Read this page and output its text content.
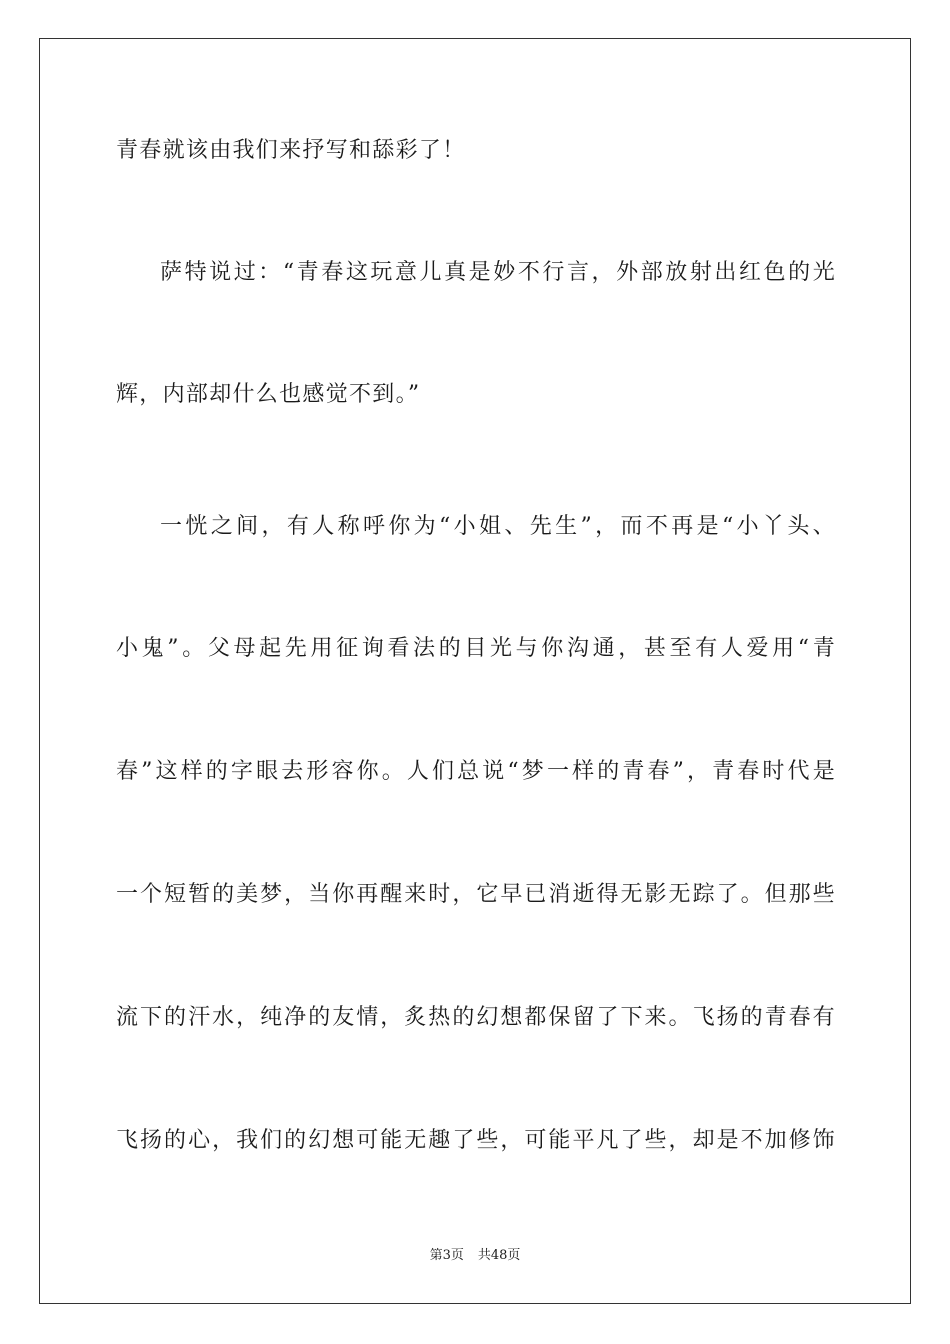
青春就该由我们来抒写和舔彩了！
萨特说过：“青春这玩意儿真是妙不行言，外部放射出红色的光
辉，内部却什么也感觉不到。”
一恍之间，有人称呼你为“小姐、先生”，而不再是“小丫头、
小鬼”。父母起先用征询看法的目光与你沟通，甚至有人爱用“青
春”这样的字眼去形容你。人们总说“梦一样的青春”，青春时代是
一个短暂的美梦，当你再醒来时，它早已消逝得无影无踪了。但那些
流下的汗水，纯净的友情，炙热的幻想都保留了下来。飞扬的青春有
飞扬的心，我们的幻想可能无趣了些，可能平凡了些，却是不加修饰
第3页 共48页
